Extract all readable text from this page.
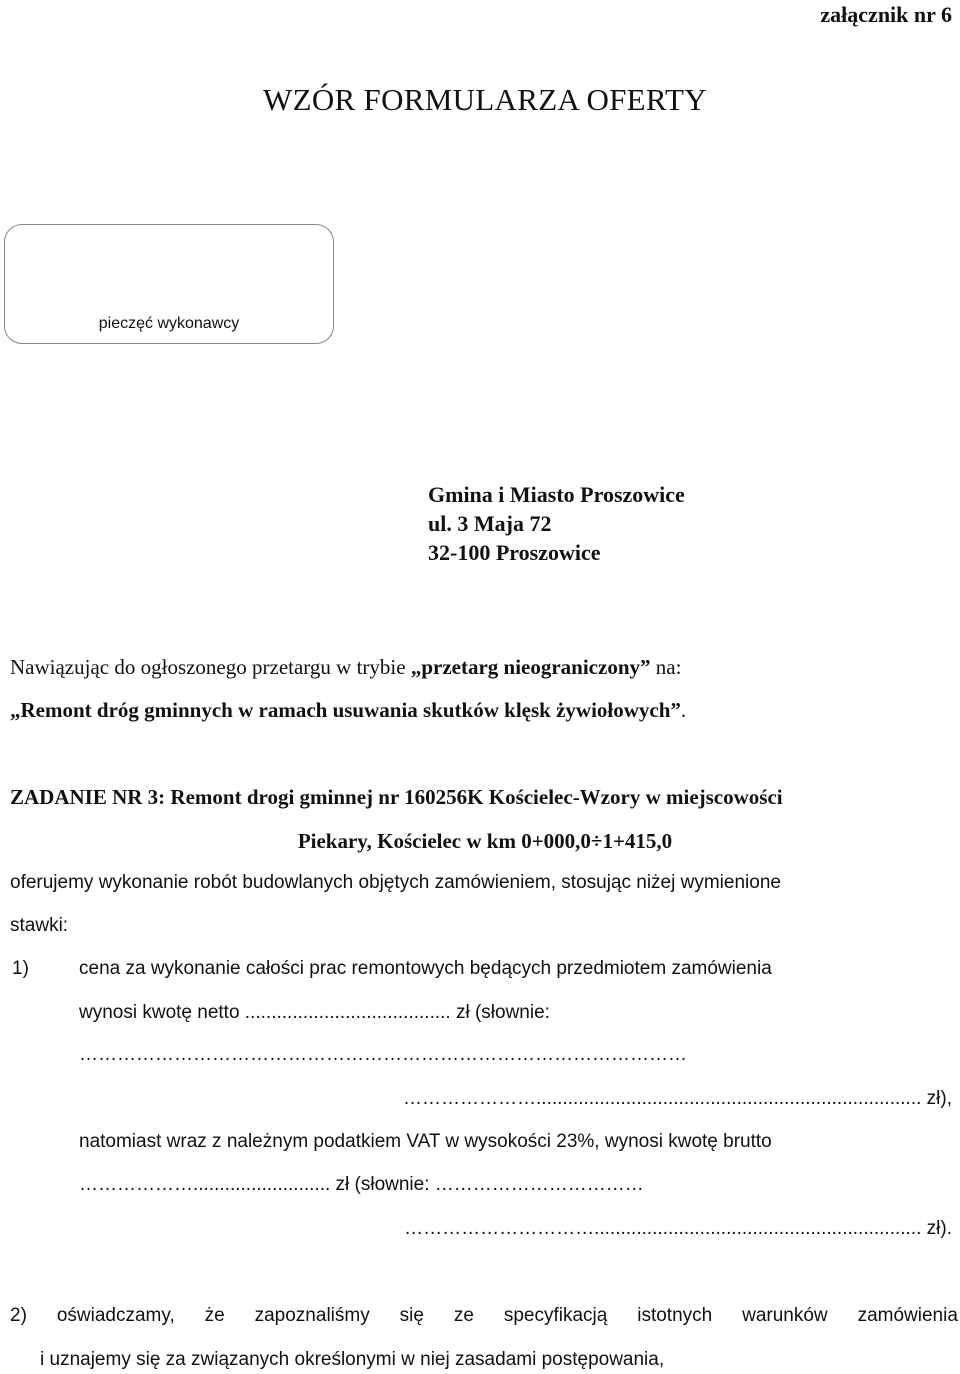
załącznik nr 6
WZÓR FORMULARZA OFERTY
pieczęć wykonawcy
Gmina i Miasto Proszowice
ul. 3 Maja 72
32-100 Proszowice
Nawiązując do ogłoszonego przetargu w trybie „przetarg nieograniczony” na:
„Remont dróg gminnych w ramach usuwania skutków klęsk żywiołowych”.
ZADANIE NR 3: Remont drogi gminnej nr 160256K Kościelec-Wzory w miejscowości
Piekary, Kościelec w km 0+000,0÷1+415,0
oferujemy wykonanie robót budowlanych objętych zamówieniem, stosując niżej wymienione
stawki:
1)	cena za wykonanie całości prac remontowych będących przedmiotem zamówienia
wynosi kwotę netto ....................................... zł (słownie:
……………………………………………………………………………………
…………………......................................................................... zł),
natomiast wraz z należnym podatkiem VAT w wysokości 23%, wynosi kwotę brutto
……………….......................... zł (słownie: ……………………………
………………………….............................................................. zł).
2) oświadczamy, że zapoznaliśmy się ze specyfikacją istotnych warunków zamówienia
i uznajemy się za związanych określonymi w niej zasadami postępowania,
